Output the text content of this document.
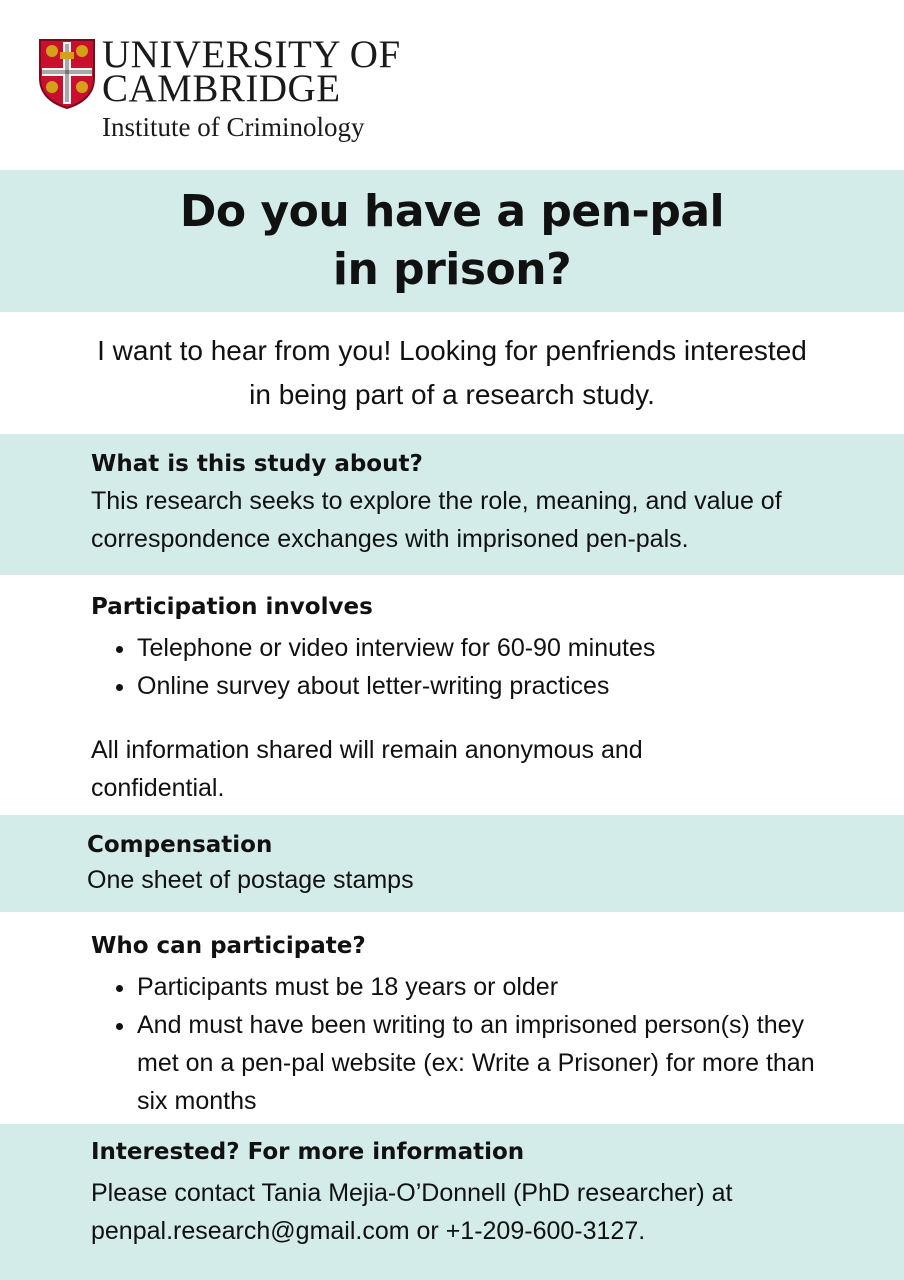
UNIVERSITY OF
CAMBRIDGE
Institute of Criminology
Do you have a pen-pal
in prison?
I want to hear from you! Looking for penfriends interested in being part of a research study.
What is this study about?
This research seeks to explore the role, meaning, and value of correspondence exchanges with imprisoned pen-pals.
Participation involves
• Telephone or video interview for 60-90 minutes
• Online survey about letter-writing practices
All information shared will remain anonymous and confidential.
Compensation
One sheet of postage stamps
Who can participate?
• Participants must be 18 years or older
• And must have been writing to an imprisoned person(s) they met on a pen-pal website (ex: Write a Prisoner) for more than six months
Interested? For more information
Please contact Tania Mejia-O’Donnell (PhD researcher) at penpal.research@gmail.com or +1-209-600-3127.
